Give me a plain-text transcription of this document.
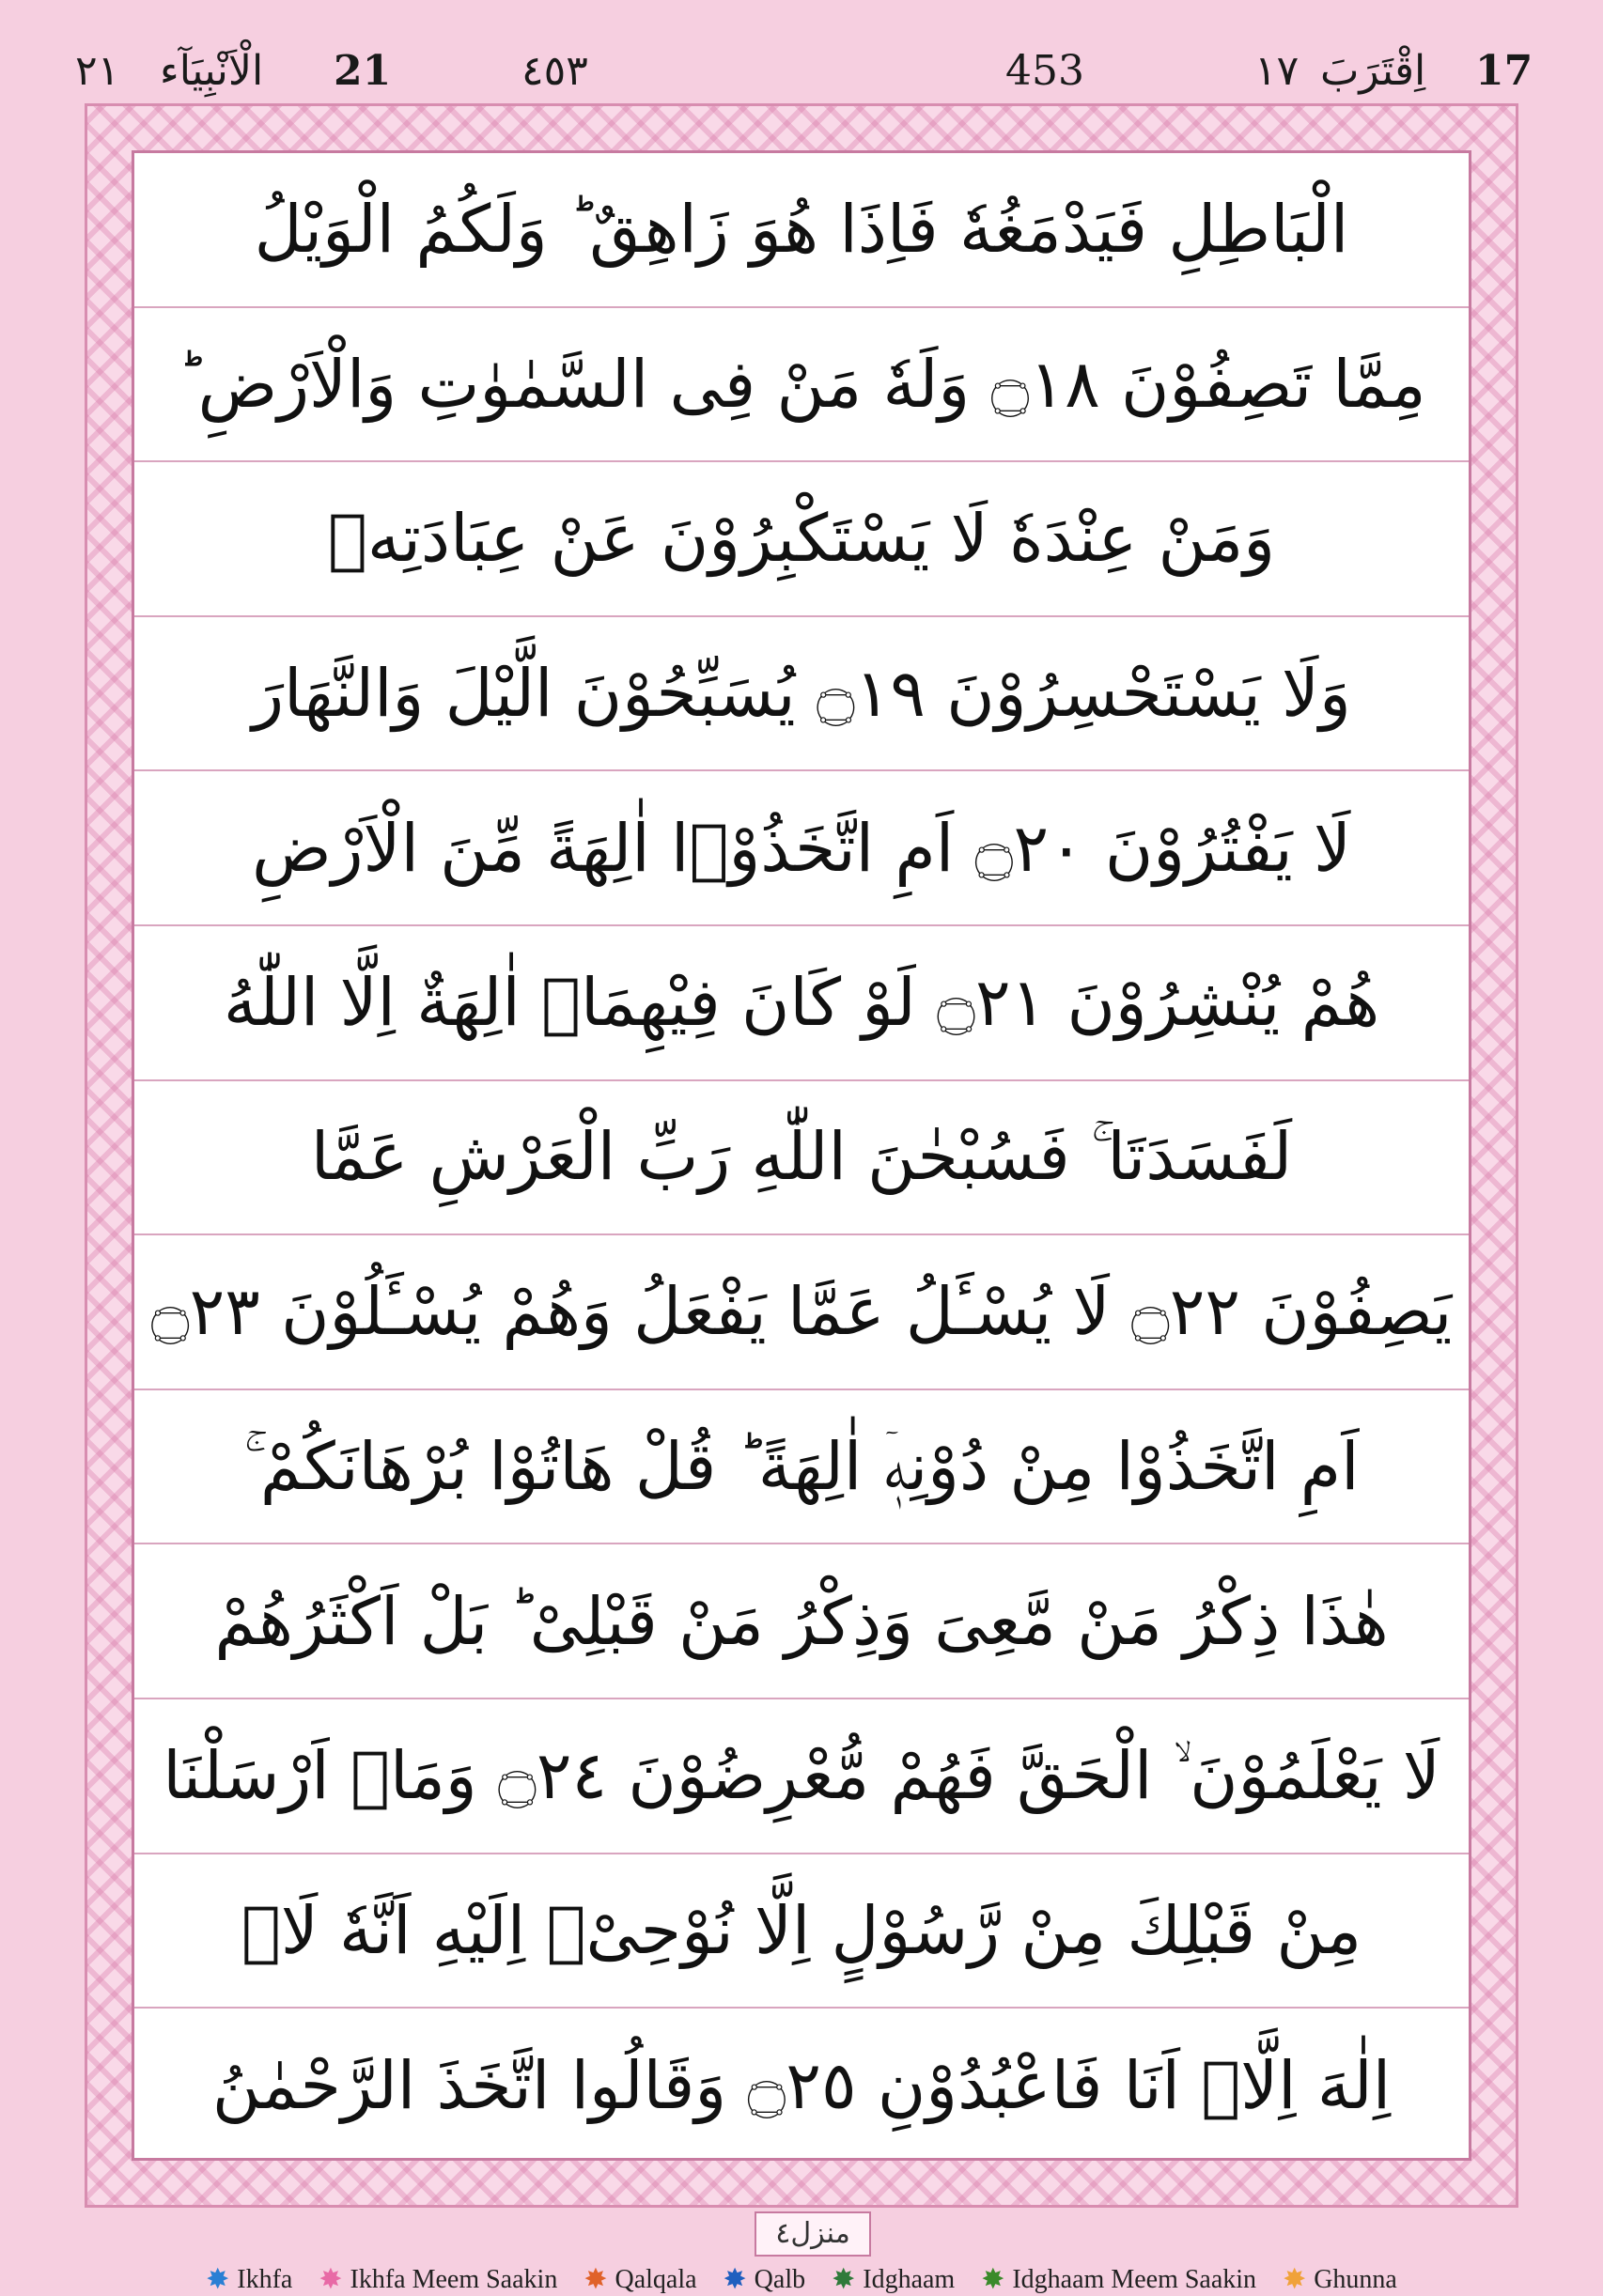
٢١ الْاَنْبِيَآء 21	٤٥٣	453	١٧ اِقْتَرَبَ 17
الْبَاطِلِ فَيَدْمَغُهٗ فَاِذَا هُوَ زَاهِقٌ ؕ وَلَكُمُ الْوَيْلُ
مِمَّا تَصِفُوْنَ ۝١٨ وَلَهٗ مَنْ فِى السَّمٰوٰتِ وَالْاَرْضِ ؕ
وَمَنْ عِنْدَهٗ لَا يَسْتَكْبِرُوْنَ عَنْ عِبَادَتِهٖ
وَلَا يَسْتَحْسِرُوْنَ ۝١٩ يُسَبِّحُوْنَ الَّيْلَ وَالنَّهَارَ
لَا يَفْتُرُوْنَ ۝٢٠ اَمِ اتَّخَذُوْۤا اٰلِهَةً مِّنَ الْاَرْضِ
هُمْ يُنْشِرُوْنَ ۝٢١ لَوْ كَانَ فِيْهِمَاۤ اٰلِهَةٌ اِلَّا اللّٰهُ
لَفَسَدَتَا ۚ فَسُبْحٰنَ اللّٰهِ رَبِّ الْعَرْشِ عَمَّا
يَصِفُوْنَ ۝٢٢ لَا يُسْـَٔلُ عَمَّا يَفْعَلُ وَهُمْ يُسْـَٔلُوْنَ ۝٢٣
اَمِ اتَّخَذُوْا مِنْ دُوْنِهٖۤ اٰلِهَةً ؕ قُلْ هَاتُوْا بُرْهَانَكُمْ ۚ
هٰذَا ذِكْرُ مَنْ مَّعِىَ وَذِكْرُ مَنْ قَبْلِىْ ؕ بَلْ اَكْثَرُهُمْ
لَا يَعْلَمُوْنَ ۙ الْحَقَّ فَهُمْ مُّعْرِضُوْنَ ۝٢٤ وَمَاۤ اَرْسَلْنَا
مِنْ قَبْلِكَ مِنْ رَّسُوْلٍ اِلَّا نُوْحِىْۤ اِلَيْهِ اَنَّهٗ لَاۤ
اِلٰهَ اِلَّاۤ اَنَا فَاعْبُدُوْنِ ۝٢٥ وَقَالُوا اتَّخَذَ الرَّحْمٰنُ
منزل٤
✸ Ikhfa ✸ Ikhfa Meem Saakin ✸ Qalqala ✸ Qalb ✸ Idghaam ✸ Idghaam Meem Saakin ✸ Ghunna
